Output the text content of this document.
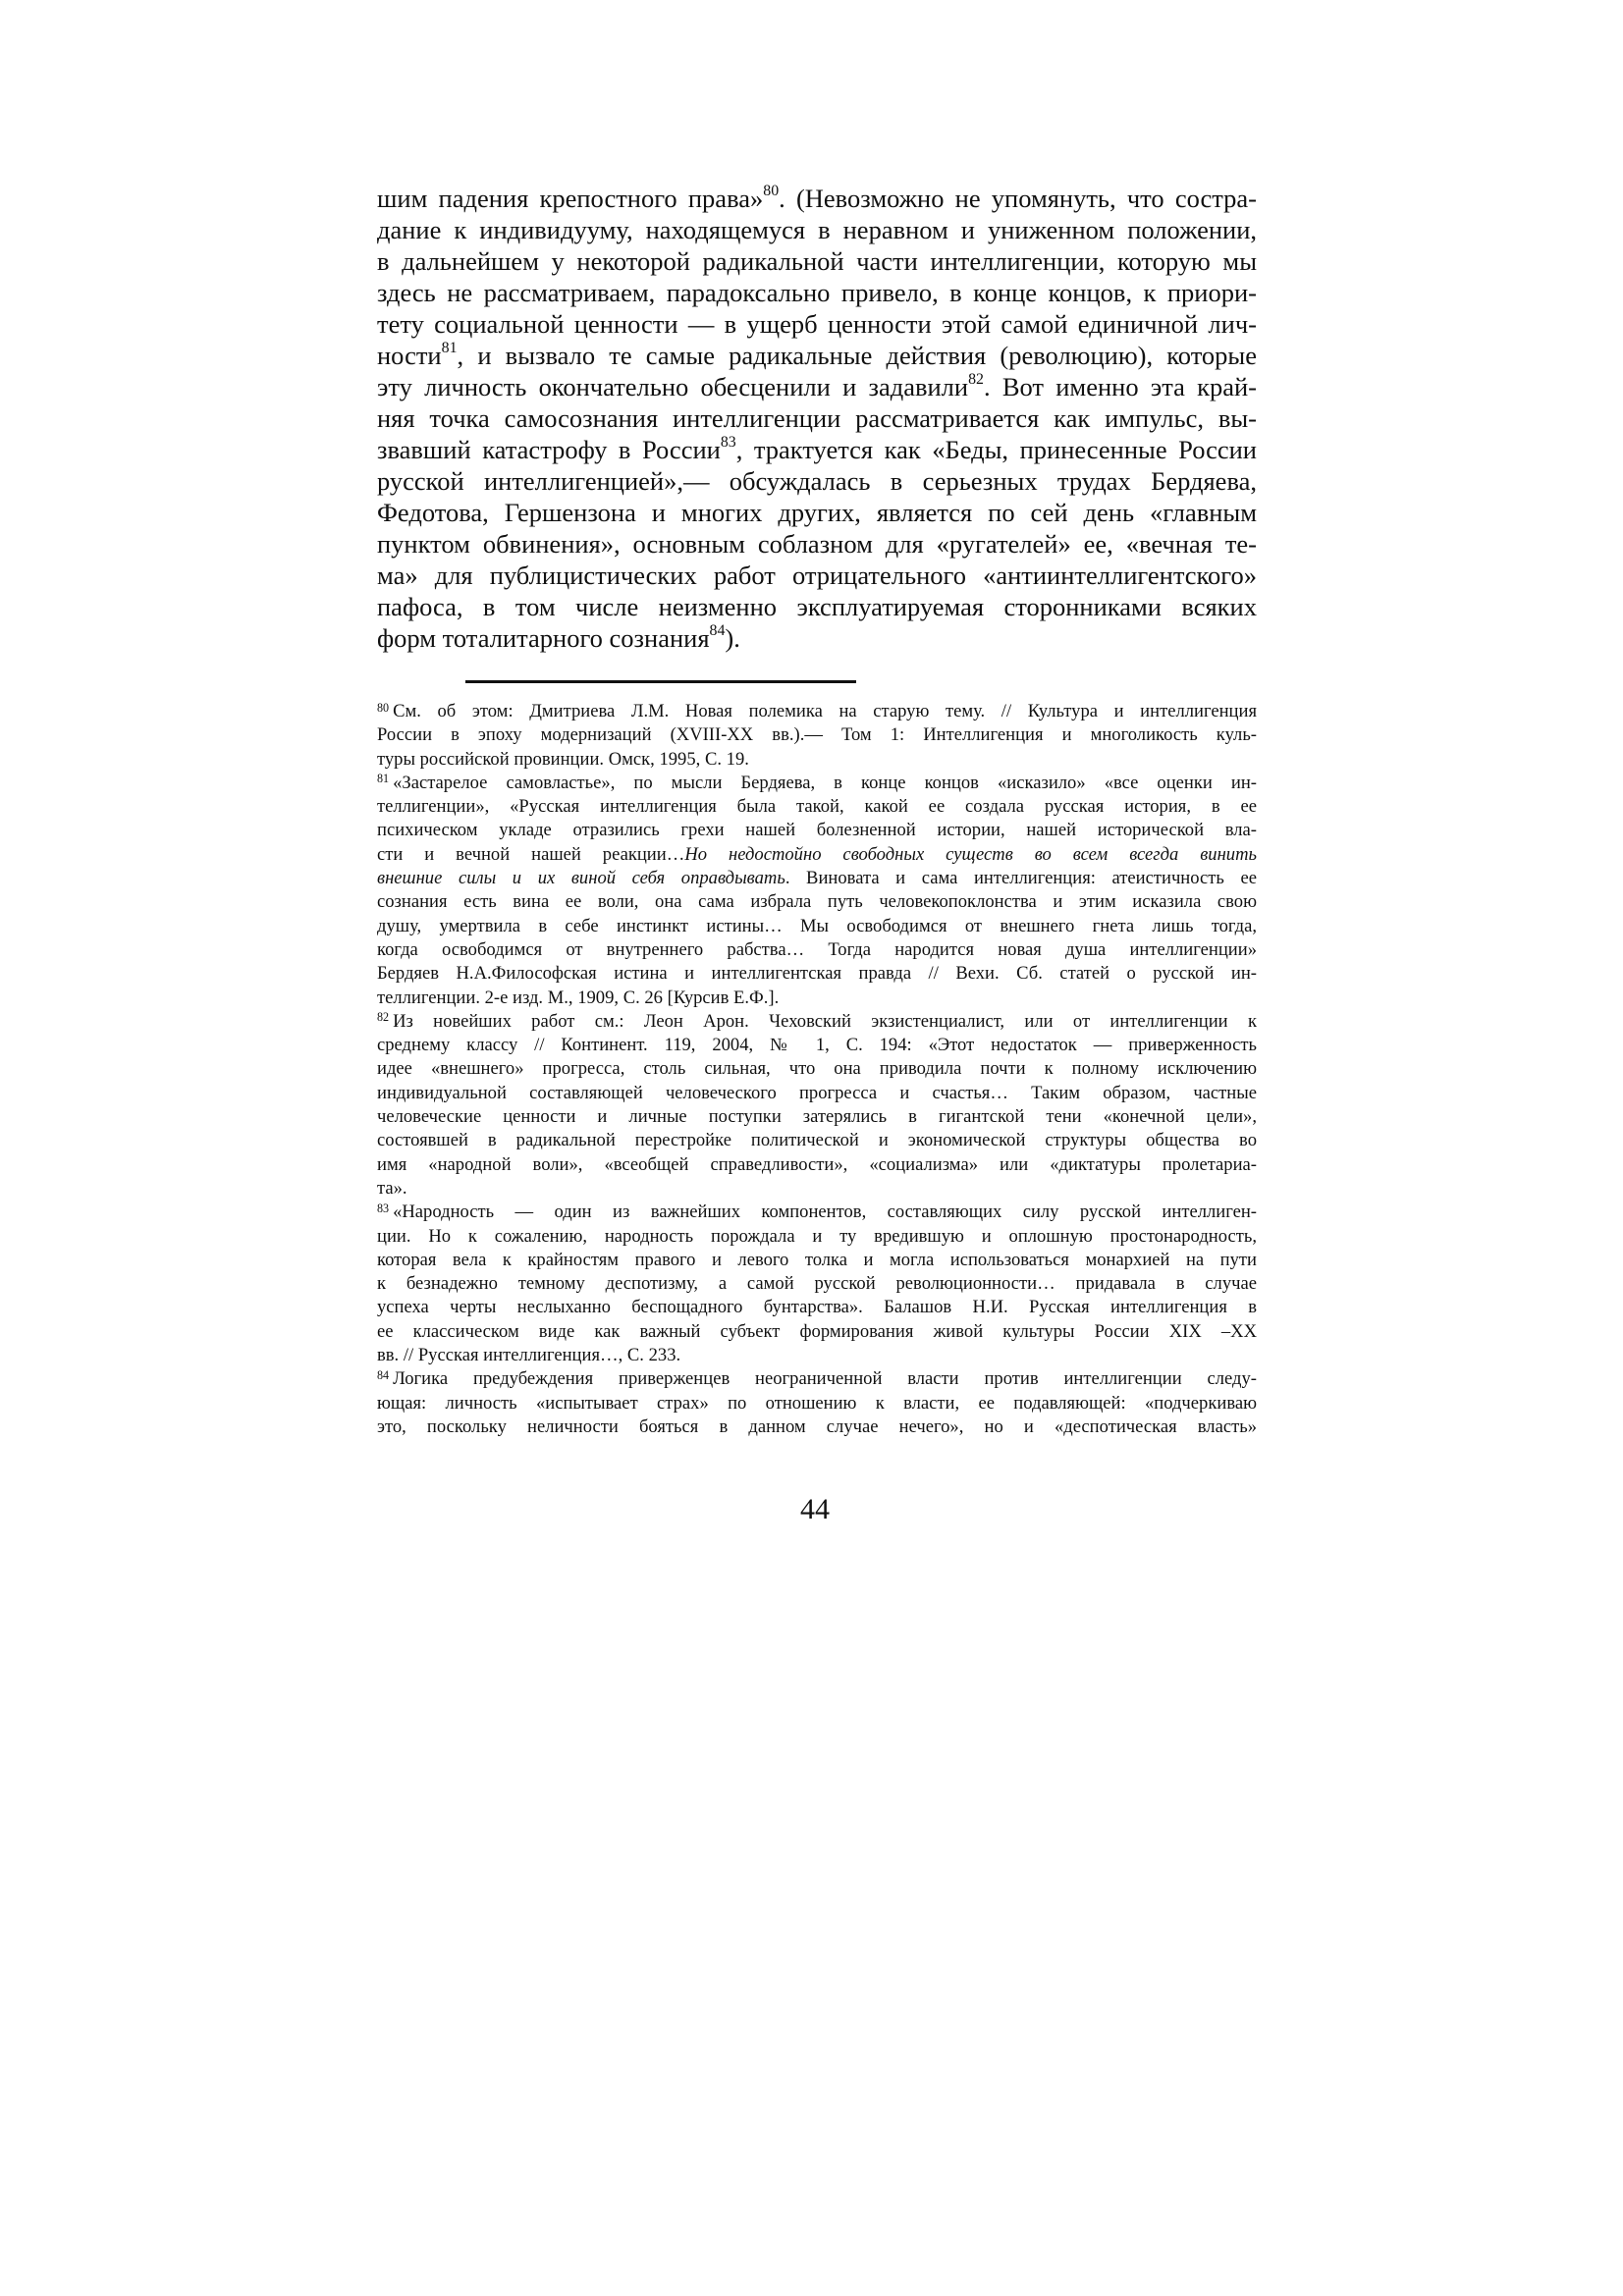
шим падения крепостного права»$^{80}$. (Невозможно не упомянуть, что состра-
дание к индивидууму, находящемуся в неравном и униженном положении,
в дальнейшем у некоторой радикальной части интеллигенции, которую мы
здесь не рассматриваем, парадоксально привело, в конце концов, к приори-
тету социальной ценности — в ущерб ценности этой самой единичной лич-
ности$^{81}$, и вызвало те самые радикальные действия (революцию), которые
эту личность окончательно обесценили и задавили$^{82}$. Вот именно эта край-
няя точка самосознания интеллигенции рассматривается как импульс, вы-
звавший катастрофу в России$^{83}$, трактуется как «Беды, принесенные России
русской интеллигенцией»,— обсуждалась в серьезных трудах Бердяева,
Федотова, Гершензона и многих других, является по сей день «главным
пунктом обвинения», основным соблазном для «ругателей» ее, «вечная те-
ма» для публицистических работ отрицательного «антиинтеллигентского»
пафоса, в том числе неизменно эксплуатируемая сторонниками всяких
форм тоталитарного сознания$^{84}$).
$^{80}$ См. об этом: Дмитриева Л.М. Новая полемика на старую тему. // Культура и интеллигенция
России в эпоху модернизаций (XVIII-XX вв.).— Том 1: Интеллигенция и многоликость куль-
туры российской провинции. Омск, 1995, С. 19.
$^{81}$ «Застарелое самовластье», по мысли Бердяева, в конце концов «исказило» «все оценки ин-
теллигенции», «Русская интеллигенция была такой, какой ее создала русская история, в ее
психическом укладе отразились грехи нашей болезненной истории, нашей исторической вла-
сти и вечной нашей реакции…Но недостойно свободных существ во всем всегда винить
внешние силы и их виной себя оправдывать. Виновата и сама интеллигенция: атеистичность ее
сознания есть вина ее воли, она сама избрала путь человекопоклонства и этим исказила свою
душу, умертвила в себе инстинкт истины… Мы освободимся от внешнего гнета лишь тогда,
когда освободимся от внутреннего рабства… Тогда народится новая душа интеллигенции»
Бердяев Н.А.Философская истина и интеллигентская правда // Вехи. Сб. статей о русской ин-
теллигенции. 2-е изд. М., 1909, С. 26 [Курсив Е.Ф.].
$^{82}$ Из новейших работ см.: Леон Арон. Чеховский экзистенциалист, или от интеллигенции к
среднему классу // Континент. 119, 2004, № 1, С. 194: «Этот недостаток — приверженность
идее «внешнего» прогресса, столь сильная, что она приводила почти к полному исключению
индивидуальной составляющей человеческого прогресса и счастья… Таким образом, частные
человеческие ценности и личные поступки затерялись в гигантской тени «конечной цели»,
состоявшей в радикальной перестройке политической и экономической структуры общества во
имя «народной воли», «всеобщей справедливости», «социализма» или «диктатуры пролетариа-
та».
$^{83}$ «Народность — один из важнейших компонентов, составляющих силу русской интеллиген-
ции. Но к сожалению, народность порождала и ту вредившую и оплошную простонародность,
которая вела к крайностям правого и левого толка и могла использоваться монархией на пути
к безнадежно темному деспотизму, а самой русской революционности… придавала в случае
успеха черты неслыханно беспощадного бунтарства». Балашов Н.И. Русская интеллигенция в
ее классическом виде как важный субъект формирования живой культуры России XIX –XX
вв. // Русская интеллигенция…, С. 233.
$^{84}$ Логика предубеждения приверженцев неограниченной власти против интеллигенции следу-
ющая: личность «испытывает страх» по отношению к власти, ее подавляющей: «подчеркиваю
это, поскольку неличности бояться в данном случае нечего», но и «деспотическая власть»
44
